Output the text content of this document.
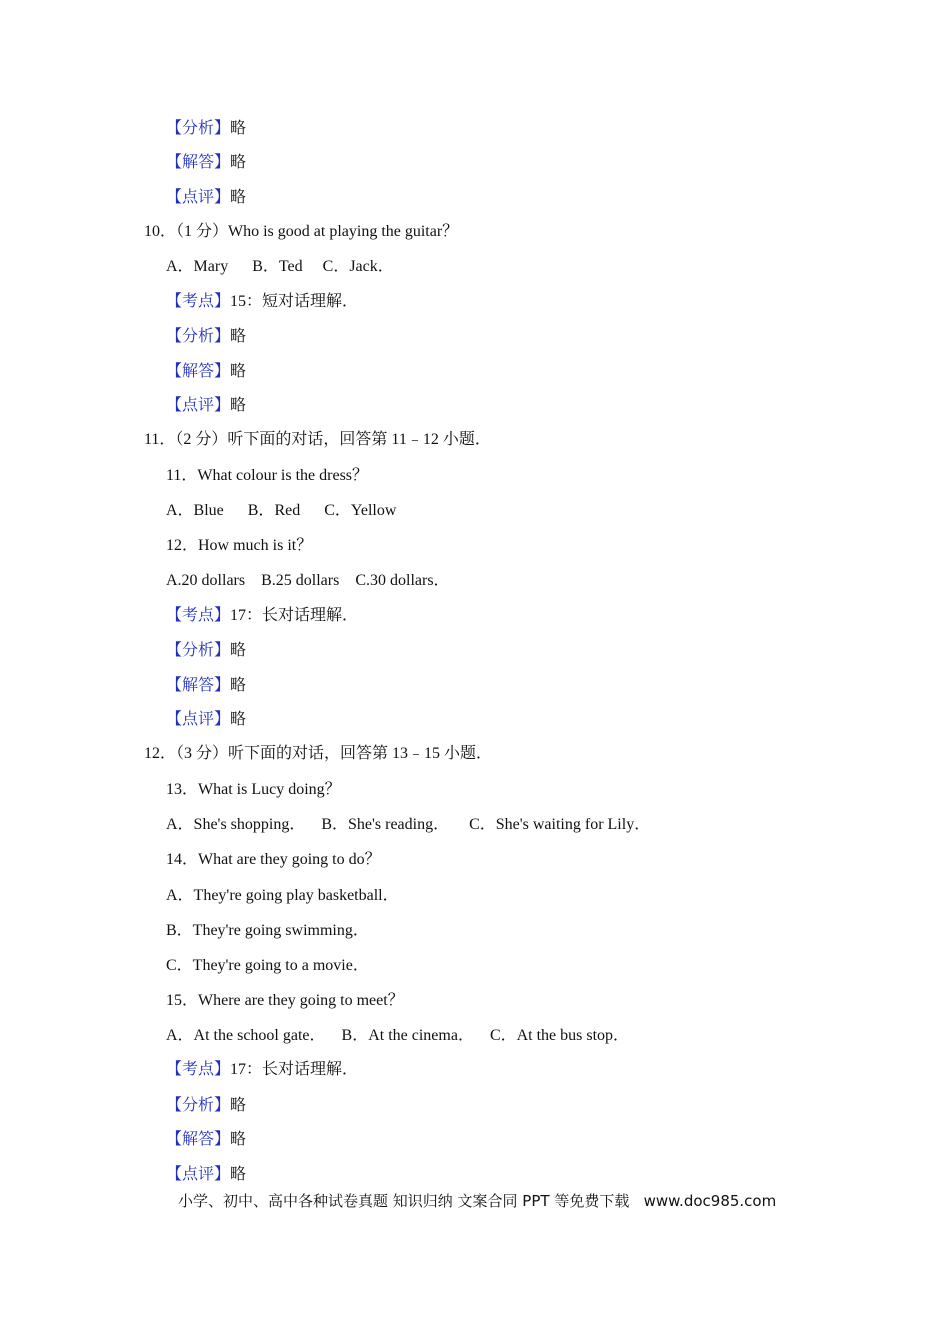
【分析】略
【解答】略
【点评】略
10．（1 分）Who is good at playing the guitar？
A．Mary      B．Ted     C．Jack．
【考点】15：短对话理解．
【分析】略
【解答】略
【点评】略
11．（2 分）听下面的对话，回答第 11﹣12 小题．
11．What colour is the dress？
A．Blue      B．Red      C．Yellow
12．How much is it？
A.20 dollars    B.25 dollars    C.30 dollars．
【考点】17：长对话理解．
【分析】略
【解答】略
【点评】略
12．（3 分）听下面的对话，回答第 13﹣15 小题．
13．What is Lucy doing？
A．She's shopping．    B．She's reading．     C．She's waiting for Lily．
14．What are they going to do？
A．They're going play basketball．
B．They're going swimming．
C．They're going to a movie．
15．Where are they going to meet？
A．At the school gate．    B．At the cinema．    C．At the bus stop．
【考点】17：长对话理解．
【分析】略
【解答】略
【点评】略
小学、初中、高中各种试卷真题 知识归纳 文案合同 PPT 等免费下载   www.doc985.com
